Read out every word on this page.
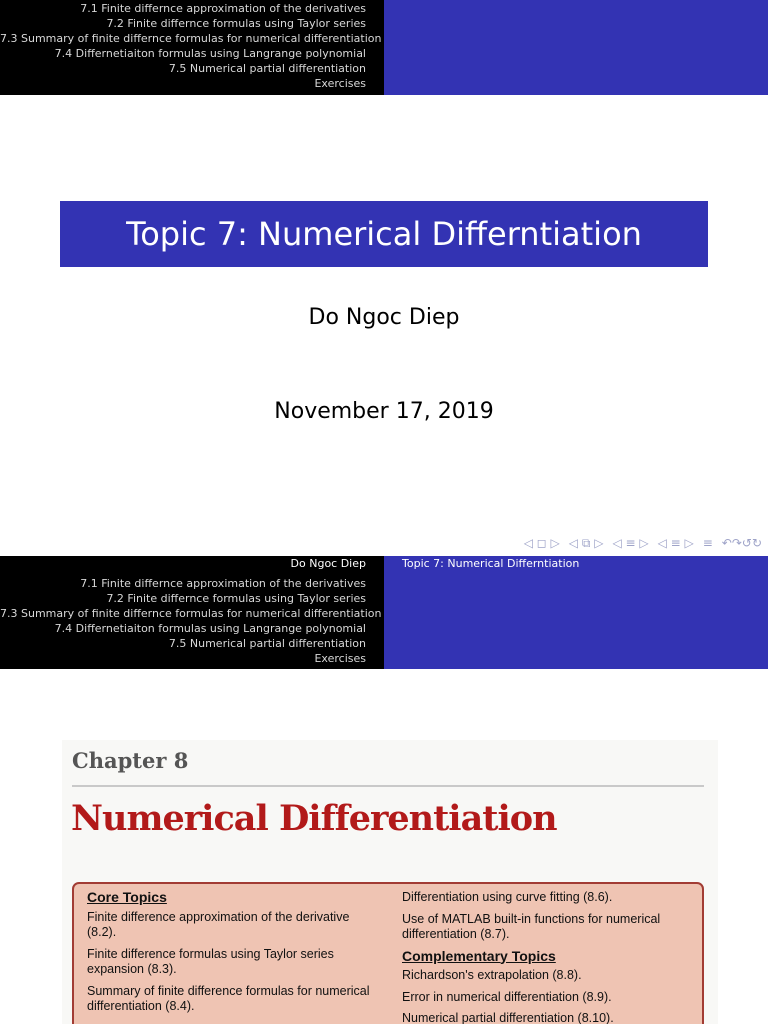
7.1 Finite differnce approximation of the derivatives
7.2 Finite differnce formulas using Taylor series
7.3 Summary of finite differnce formulas for numerical differentiation
7.4 Differnetiaiton formulas using Langrange polynomial
7.5 Numerical partial differentiation
Exercises
Topic 7: Numerical Differntiation
Do Ngoc Diep
November 17, 2019
◁ ◻ ▷ ◁ ⧉ ▷ ◁ ≡ ▷ ◁ ≡ ▷ ≡ ↶↷↺↻
Do Ngoc Diep
7.1 Finite differnce approximation of the derivatives
7.2 Finite differnce formulas using Taylor series
7.3 Summary of finite differnce formulas for numerical differentiation
7.4 Differnetiaiton formulas using Langrange polynomial
7.5 Numerical partial differentiation
Exercises
Topic 7: Numerical Differntiation
Chapter 8
Numerical Differentiation
Core Topics
Finite difference approximation of the derivative (8.2).
Finite difference formulas using Taylor series expansion (8.3).
Summary of finite difference formulas for numerical differentiation (8.4).
Differentiation using curve fitting (8.6).
Use of MATLAB built-in functions for numerical differentiation (8.7).
Complementary Topics
Richardson's extrapolation (8.8).
Error in numerical differentiation (8.9).
Numerical partial differentiation (8.10).
